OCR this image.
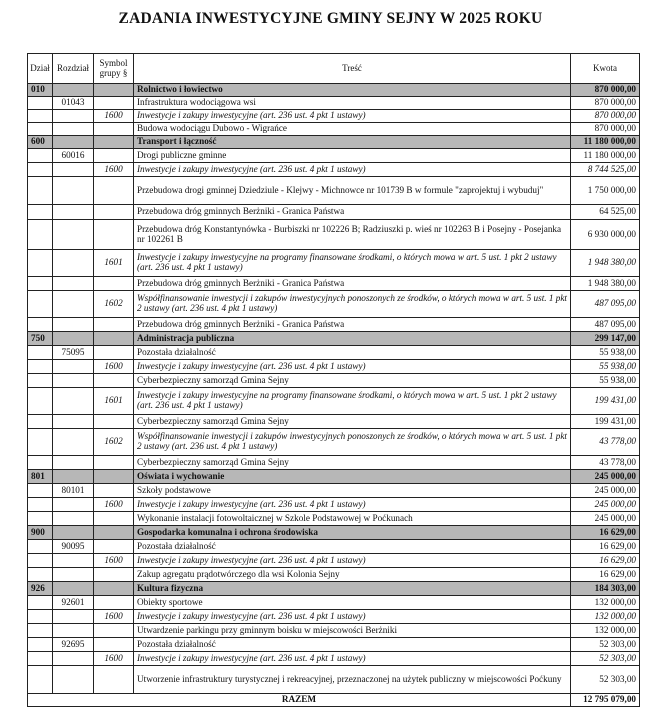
ZADANIA INWESTYCYJNE GMINY SEJNY W 2025 ROKU
Dział	Rozdział	Symbol grupy §	Treść	Kwota
010			Rolnictwo i łowiectwo	870 000,00
	01043		Infrastruktura wodociągowa wsi	870 000,00
		1600	Inwestycje i zakupy inwestycyjne (art. 236 ust. 4 pkt 1 ustawy)	870 000,00
			Budowa wodociągu Dubowo - Wigrańce	870 000,00
600			Transport i łączność	11 180 000,00
	60016		Drogi publiczne gminne	11 180 000,00
		1600	Inwestycje i zakupy inwestycyjne (art. 236 ust. 4 pkt 1 ustawy)	8 744 525,00
			Przebudowa drogi gminnej Dziedziule - Klejwy - Michnowce nr 101739 B w formule "zaprojektuj i wybuduj"	1 750 000,00
			Przebudowa dróg gminnych Berżniki - Granica Państwa	64 525,00
			Przebudowa dróg Konstantynówka - Burbiszki nr 102226 B; Radziuszki p. wieś nr 102263 B i Posejny - Posejanka nr 102261 B	6 930 000,00
		1601	Inwestycje i zakupy inwestycyjne na programy finansowane środkami, o których mowa w art. 5 ust. 1 pkt 2 ustawy (art. 236 ust. 4 pkt 1 ustawy)	1 948 380,00
			Przebudowa dróg gminnych Berżniki - Granica Państwa	1 948 380,00
		1602	Współfinansowanie inwestycji i zakupów inwestycyjnych ponoszonych ze środków, o których mowa w art. 5 ust. 1 pkt 2 ustawy (art. 236 ust. 4 pkt 1 ustawy)	487 095,00
			Przebudowa dróg gminnych Berżniki - Granica Państwa	487 095,00
750			Administracja publiczna	299 147,00
	75095		Pozostała działalność	55 938,00
		1600	Inwestycje i zakupy inwestycyjne (art. 236 ust. 4 pkt 1 ustawy)	55 938,00
			Cyberbezpieczny samorząd Gmina Sejny	55 938,00
		1601	Inwestycje i zakupy inwestycyjne na programy finansowane środkami, o których mowa w art. 5 ust. 1 pkt 2 ustawy (art. 236 ust. 4 pkt 1 ustawy)	199 431,00
			Cyberbezpieczny samorząd Gmina Sejny	199 431,00
		1602	Współfinansowanie inwestycji i zakupów inwestycyjnych ponoszonych ze środków, o których mowa w art. 5 ust. 1 pkt 2 ustawy (art. 236 ust. 4 pkt 1 ustawy)	43 778,00
			Cyberbezpieczny samorząd Gmina Sejny	43 778,00
801			Oświata i wychowanie	245 000,00
	80101		Szkoły podstawowe	245 000,00
		1600	Inwestycje i zakupy inwestycyjne (art. 236 ust. 4 pkt 1 ustawy)	245 000,00
			Wykonanie instalacji fotowoltaicznej w Szkole Podstawowej w Poćkunach	245 000,00
900			Gospodarka komunalna i ochrona środowiska	16 629,00
	90095		Pozostała działalność	16 629,00
		1600	Inwestycje i zakupy inwestycyjne (art. 236 ust. 4 pkt 1 ustawy)	16 629,00
			Zakup agregatu prądotwórczego dla wsi Kolonia Sejny	16 629,00
926			Kultura fizyczna	184 303,00
	92601		Obiekty sportowe	132 000,00
		1600	Inwestycje i zakupy inwestycyjne (art. 236 ust. 4 pkt 1 ustawy)	132 000,00
			Utwardzenie parkingu przy gminnym boisku w miejscowości Berżniki	132 000,00
	92695		Pozostała działalność	52 303,00
		1600	Inwestycje i zakupy inwestycyjne (art. 236 ust. 4 pkt 1 ustawy)	52 303,00
			Utworzenie infrastruktury turystycznej i rekreacyjnej, przeznaczonej na użytek publiczny w miejscowości Poćkuny	52 303,00
RAZEM				12 795 079,00
